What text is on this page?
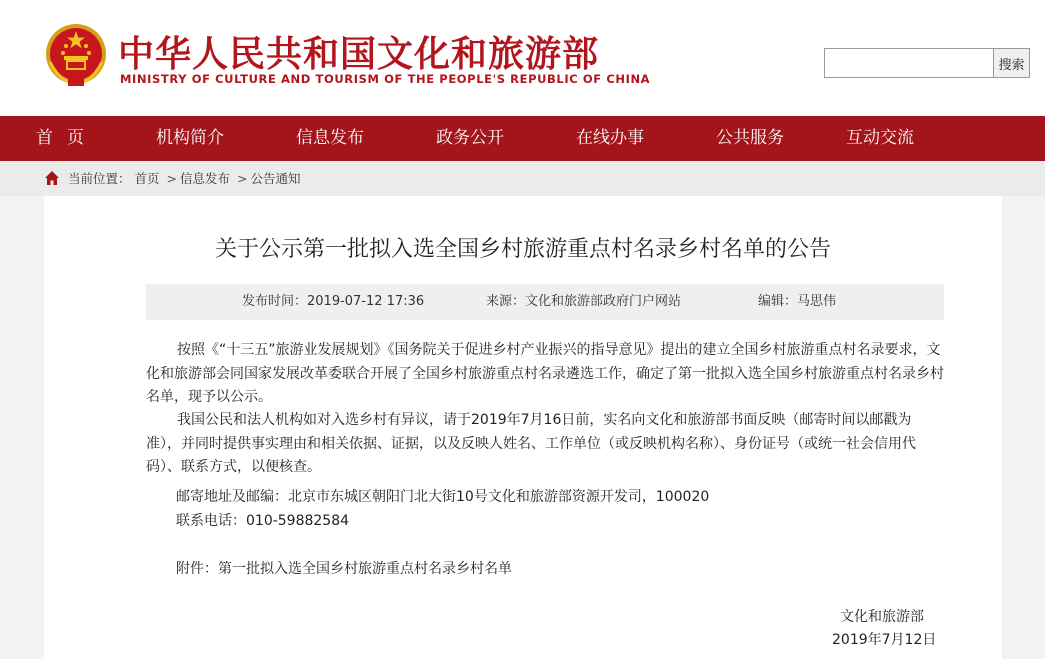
中华人民共和国文化和旅游部
MINISTRY OF CULTURE AND TOURISM OF THE PEOPLE'S REPUBLIC OF CHINA
搜索
首页	机构简介	信息发布	政务公开	在线办事	公共服务	互动交流
当前位置： 首页 > 信息发布 > 公告通知
关于公示第一批拟入选全国乡村旅游重点村名录乡村名单的公告
发布时间：2019-07-12 17:36	来源：文化和旅游部政府门户网站	编辑：马思伟
按照《“十三五”旅游业发展规划》《国务院关于促进乡村产业振兴的指导意见》提出的建立全国乡村旅游重点村名录要求，文化和旅游部会同国家发展改革委联合开展了全国乡村旅游重点村名录遴选工作，确定了第一批拟入选全国乡村旅游重点村名录乡村名单，现予以公示。
我国公民和法人机构如对入选乡村有异议，请于2019年7月16日前，实名向文化和旅游部书面反映（邮寄时间以邮戳为准），并同时提供事实理由和相关依据、证据，以及反映人姓名、工作单位（或反映机构名称）、身份证号（或统一社会信用代码）、联系方式，以便核查。
邮寄地址及邮编：北京市东城区朝阳门北大街10号文化和旅游部资源开发司，100020
联系电话：010-59882584
附件：第一批拟入选全国乡村旅游重点村名录乡村名单
文化和旅游部
2019年7月12日
